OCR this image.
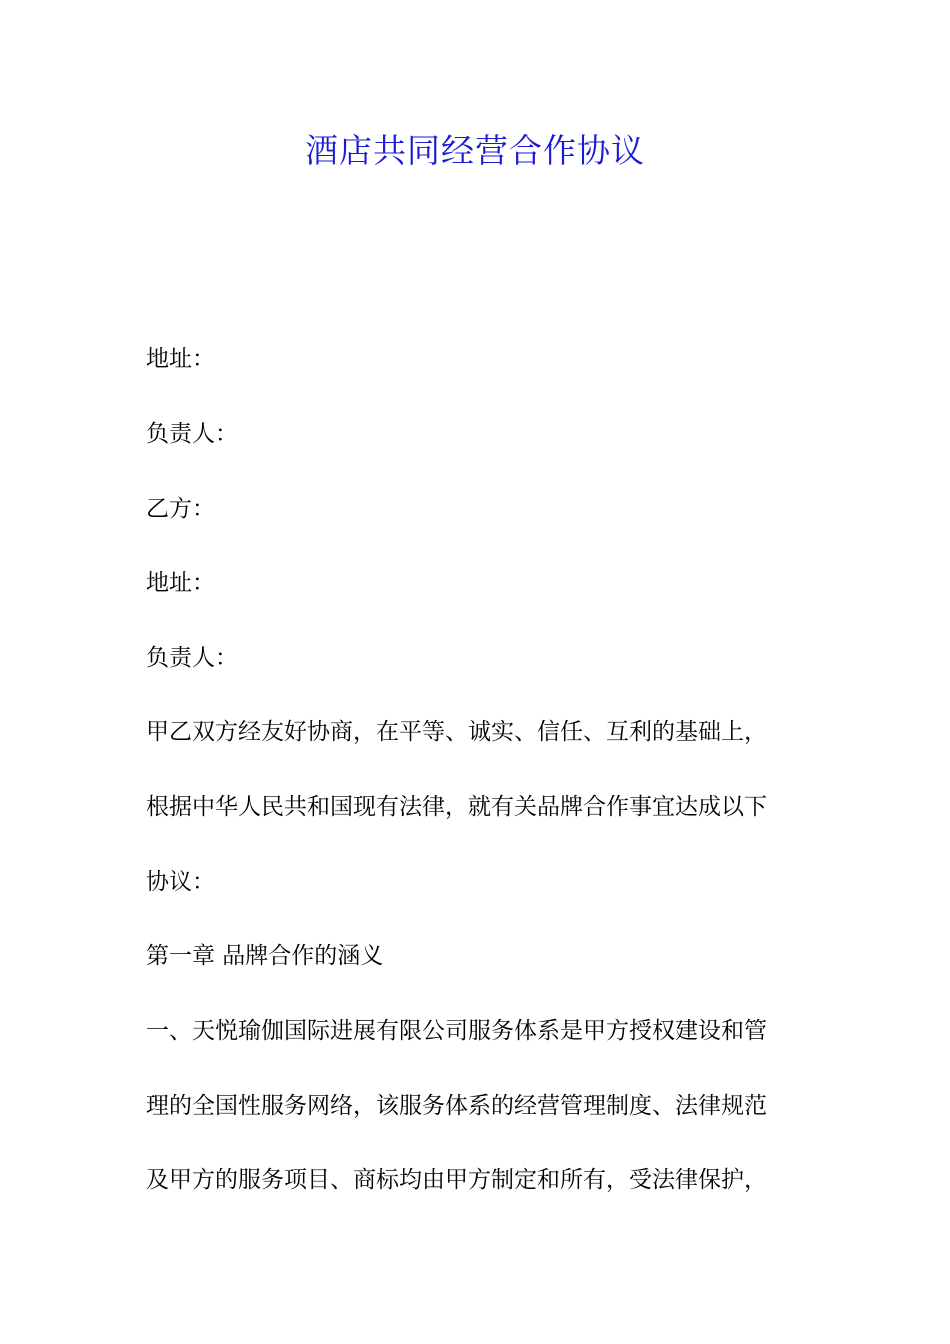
酒店共同经营合作协议
地址：
负责人：
乙方：
地址：
负责人：
甲乙双方经友好协商，在平等、诚实、信任、互利的基础上，
根据中华人民共和国现有法律，就有关品牌合作事宜达成以下
协议：
第一章 品牌合作的涵义
一、天悦瑜伽国际进展有限公司服务体系是甲方授权建设和管
理的全国性服务网络，该服务体系的经营管理制度、法律规范
及甲方的服务项目、商标均由甲方制定和所有，受法律保护，
